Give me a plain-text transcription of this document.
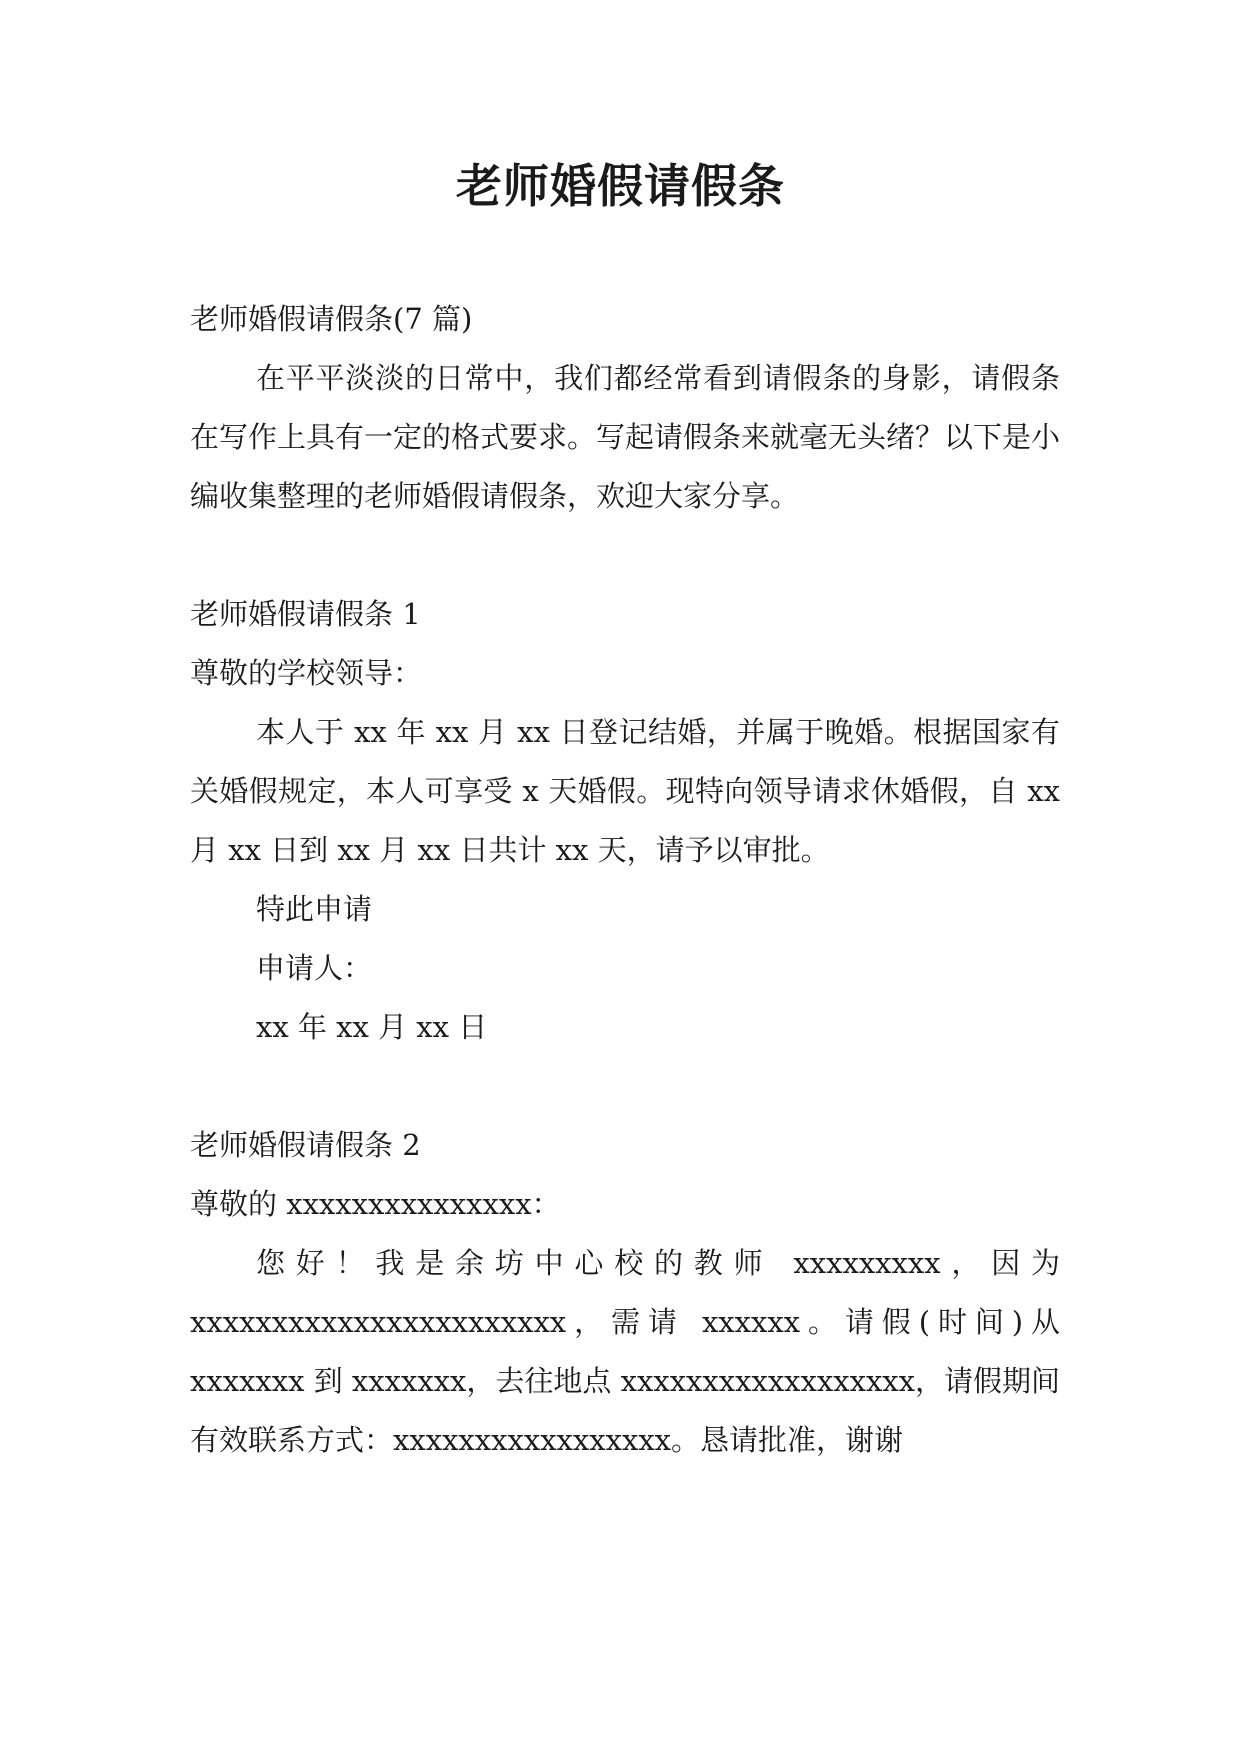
老师婚假请假条

老师婚假请假条(7 篇)

在平平淡淡的日常中，我们都经常看到请假条的身影，请假条在写作上具有一定的格式要求。写起请假条来就毫无头绪？以下是小编收集整理的老师婚假请假条，欢迎大家分享。

老师婚假请假条 1

尊敬的学校领导：

本人于 xx 年 xx 月 xx 日登记结婚，并属于晚婚。根据国家有关婚假规定，本人可享受 x 天婚假。现特向领导请求休婚假，自 xx 月 xx 日到 xx 月 xx 日共计 xx 天，请予以审批。

特此申请

申请人：

xx 年 xx 月 xx 日

老师婚假请假条 2

尊敬的 xxxxxxxxxxxxxxx：

您好！我是余坊中心校的教师 xxxxxxxxx，因为 xxxxxxxxxxxxxxxxxxxxxxx，需请 xxxxxx。请假(时间)从 xxxxxxx 到 xxxxxxx，去往地点 xxxxxxxxxxxxxxxxxx，请假期间有效联系方式：xxxxxxxxxxxxxxxxx。恳请批准，谢谢
